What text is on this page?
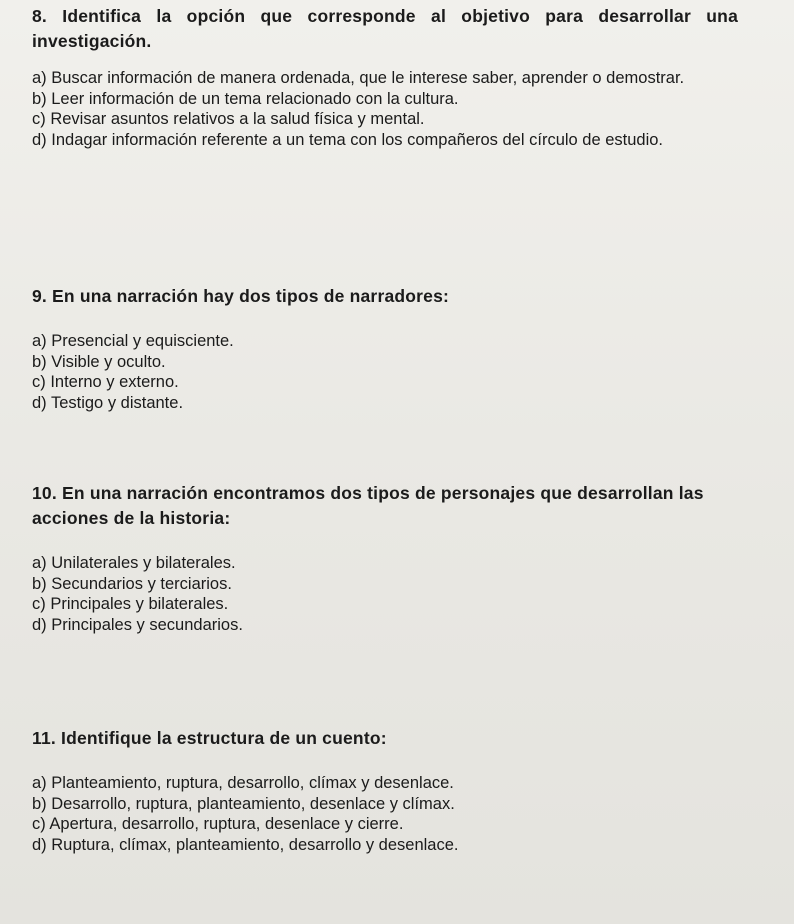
8. Identifica la opción que corresponde al objetivo para desarrollar una investigación.

a) Buscar información de manera ordenada, que le interese saber, aprender o demostrar.
b) Leer información de un tema relacionado con la cultura.
c) Revisar asuntos relativos a la salud física y mental.
d) Indagar información referente a un tema con los compañeros del círculo de estudio.

9. En una narración hay dos tipos de narradores:

a) Presencial y equisciente.
b) Visible y oculto.
c) Interno y externo.
d) Testigo y distante.

10. En una narración encontramos dos tipos de personajes que desarrollan las acciones de la historia:

a) Unilaterales y bilaterales.
b) Secundarios y terciarios.
c) Principales y bilaterales.
d) Principales y secundarios.

11. Identifique la estructura de un cuento:

a) Planteamiento, ruptura, desarrollo, clímax y desenlace.
b) Desarrollo, ruptura, planteamiento, desenlace y clímax.
c) Apertura, desarrollo, ruptura, desenlace y cierre.
d) Ruptura, clímax, planteamiento, desarrollo y desenlace.
